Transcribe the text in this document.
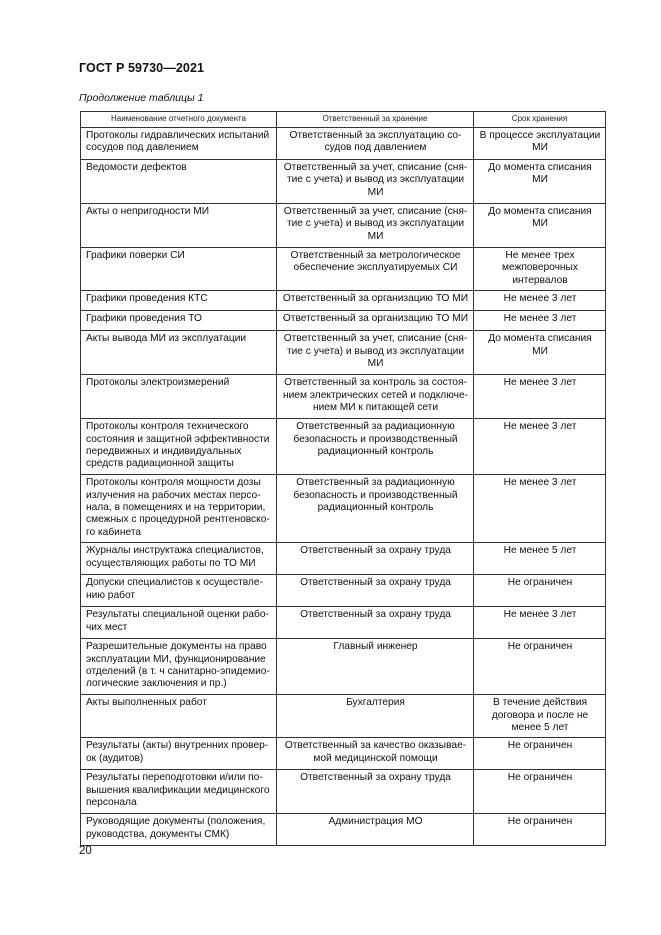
ГОСТ Р 59730—2021
Продолжение таблицы 1
Наименование отчетного документа	Ответственный за хранение	Срок хранения
Протоколы гидравлических испытаний сосудов под давлением	Ответственный за эксплуатацию сосудов под давлением	В процессе эксплуатации МИ
Ведомости дефектов	Ответственный за учет, списание (снятие с учета) и вывод из эксплуатации МИ	До момента списания МИ
Акты о непригодности МИ	Ответственный за учет, списание (снятие с учета) и вывод из эксплуатации МИ	До момента списания МИ
Графики поверки СИ	Ответственный за метрологическое обеспечение эксплуатируемых СИ	Не менее трех межповерочных интервалов
Графики проведения КТС	Ответственный за организацию ТО МИ	Не менее 3 лет
Графики проведения ТО	Ответственный за организацию ТО МИ	Не менее 3 лет
Акты вывода МИ из эксплуатации	Ответственный за учет, списание (снятие с учета) и вывод из эксплуатации МИ	До момента списания МИ
Протоколы электроизмерений	Ответственный за контроль за состоянием электрических сетей и подключением МИ к питающей сети	Не менее 3 лет
Протоколы контроля технического состояния и защитной эффективности передвижных и индивидуальных средств радиационной защиты	Ответственный за радиационную безопасность и производственный радиационный контроль	Не менее 3 лет
Протоколы контроля мощности дозы излучения на рабочих местах персонала, в помещениях и на территории, смежных с процедурной рентгеновского кабинета	Ответственный за радиационную безопасность и производственный радиационный контроль	Не менее 3 лет
Журналы инструктажа специалистов, осуществляющих работы по ТО МИ	Ответственный за охрану труда	Не менее 5 лет
Допуски специалистов к осуществлению работ	Ответственный за охрану труда	Не ограничен
Результаты специальной оценки рабочих мест	Ответственный за охрану труда	Не менее 3 лет
Разрешительные документы на право эксплуатации МИ, функционирование отделений (в т. ч санитарно-эпидемиологические заключения и пр.)	Главный инженер	Не ограничен
Акты выполненных работ	Бухгалтерия	В течение действия договора и после не менее 5 лет
Результаты (акты) внутренних проверок (аудитов)	Ответственный за качество оказываемой медицинской помощи	Не ограничен
Результаты переподготовки и/или повышения квалификации медицинского персонала	Ответственный за охрану труда	Не ограничен
Руководящие документы (положения, руководства, документы СМК)	Администрация МО	Не ограничен
20
